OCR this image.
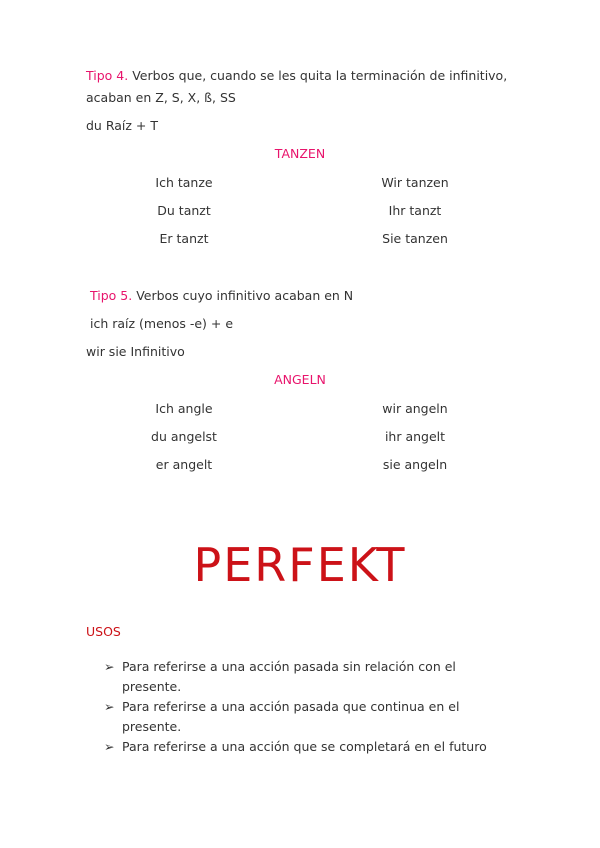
Tipo 4. Verbos que, cuando se les quita la terminación de infinitivo,
acaban en Z, S, X, ß, SS
du Raíz + T
TANZEN
Ich tanze	Wir tanzen
Du tanzt	Ihr tanzt
Er tanzt	Sie tanzen
Tipo 5. Verbos cuyo infinitivo acaban en N
ich raíz (menos -e) + e
wir sie Infinitivo
ANGELN
Ich angle	wir angeln
du angelst	ihr angelt
er angelt	sie angeln
PERFEKT
USOS
➢ Para referirse a una acción pasada sin relación con el
presente.
➢ Para referirse a una acción pasada que continua en el
presente.
➢ Para referirse a una acción que se completará en el futuro
